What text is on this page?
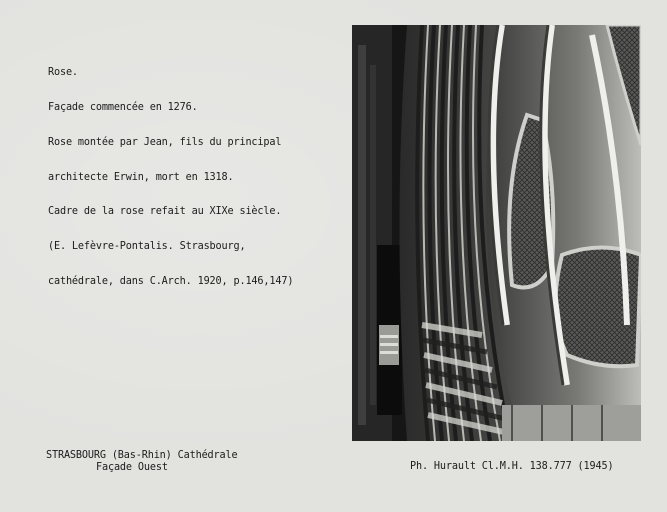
Rose.

Façade commencée en 1276.

Rose montée par Jean, fils du principal

architecte Erwin, mort en 1318.

Cadre de la rose refait au XIXe siècle.

(E. Lefèvre-Pontalis. Strasbourg,

cathédrale, dans C.Arch. 1920, p.146,147)

STRASBOURG (Bas-Rhin) Cathédrale
Façade Ouest	Ph. Hurault Cl.M.H. 138.777 (1945)
